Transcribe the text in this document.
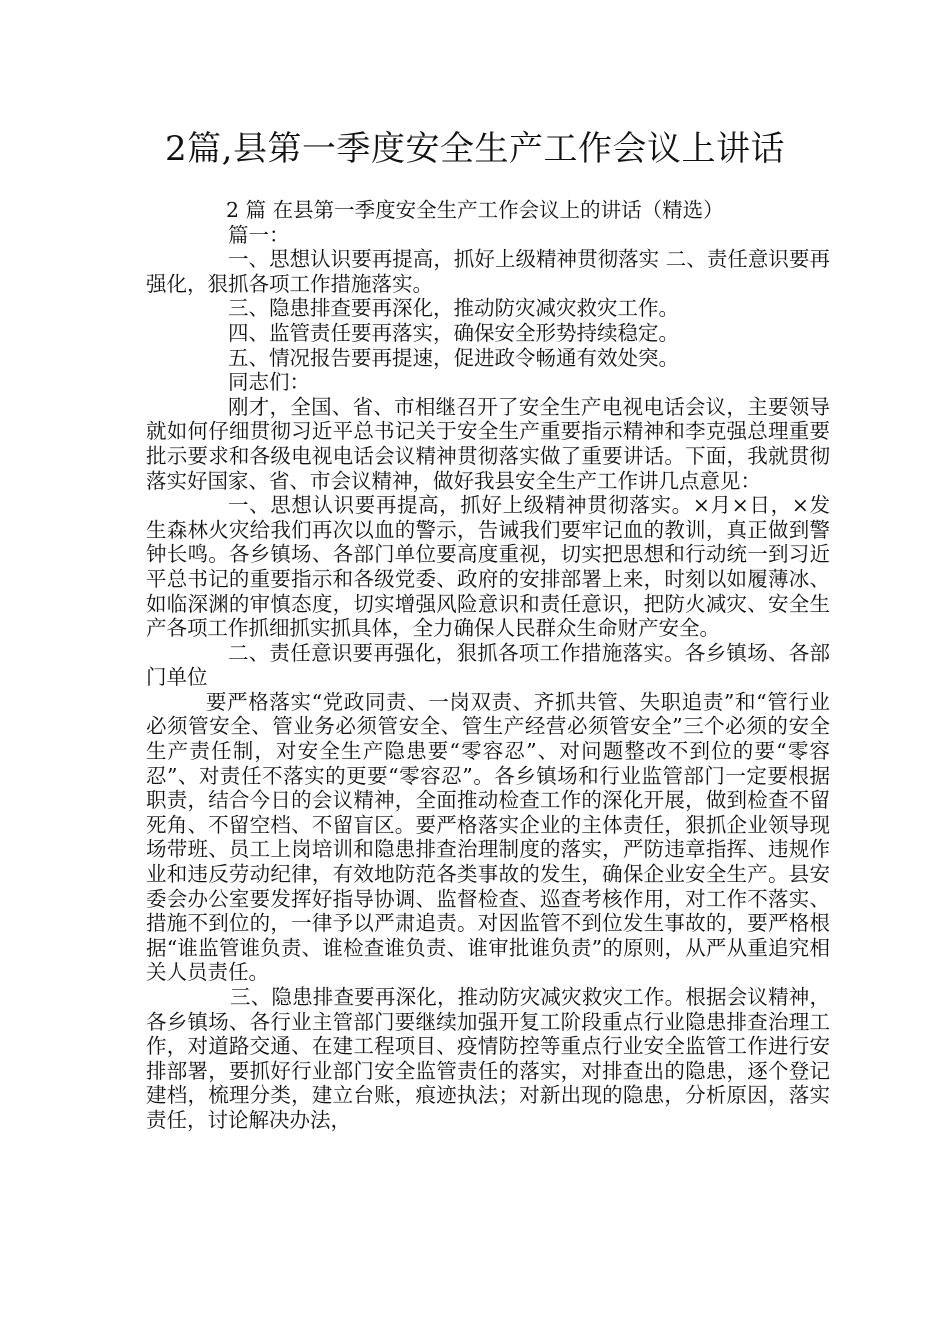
2篇,县第一季度安全生产工作会议上讲话

2 篇 在县第一季度安全生产工作会议上的讲话（精选）

篇一：

一、思想认识要再提高，抓好上级精神贯彻落实 二、责任意识要再强化，狠抓各项工作措施落实。

三、隐患排查要再深化，推动防灾减灾救灾工作。

四、监管责任要再落实，确保安全形势持续稳定。

五、情况报告要再提速，促进政令畅通有效处突。

同志们：

刚才，全国、省、市相继召开了安全生产电视电话会议，主要领导就如何仔细贯彻习近平总书记关于安全生产重要指示精神和李克强总理重要批示要求和各级电视电话会议精神贯彻落实做了重要讲话。下面，我就贯彻落实好国家、省、市会议精神，做好我县安全生产工作讲几点意见：

一、思想认识要再提高，抓好上级精神贯彻落实。×月×日，×发生森林火灾给我们再次以血的警示，告诫我们要牢记血的教训，真正做到警钟长鸣。各乡镇场、各部门单位要高度重视，切实把思想和行动统一到习近平总书记的重要指示和各级党委、政府的安排部署上来，时刻以如履薄冰、如临深渊的审慎态度，切实增强风险意识和责任意识，把防火减灾、安全生产各项工作抓细抓实抓具体，全力确保人民群众生命财产安全。

二、责任意识要再强化，狠抓各项工作措施落实。各乡镇场、各部门单位

要严格落实“党政同责、一岗双责、齐抓共管、失职追责”和“管行业必须管安全、管业务必须管安全、管生产经营必须管安全”三个必须的安全生产责任制，对安全生产隐患要“零容忍”、对问题整改不到位的要“零容忍”、对责任不落实的更要“零容忍”。各乡镇场和行业监管部门一定要根据职责，结合今日的会议精神，全面推动检查工作的深化开展，做到检查不留死角、不留空档、不留盲区。要严格落实企业的主体责任，狠抓企业领导现场带班、员工上岗培训和隐患排查治理制度的落实，严防违章指挥、违规作业和违反劳动纪律，有效地防范各类事故的发生，确保企业安全生产。县安委会办公室要发挥好指导协调、监督检查、巡查考核作用，对工作不落实、措施不到位的，一律予以严肃追责。对因监管不到位发生事故的，要严格根据“谁监管谁负责、谁检查谁负责、谁审批谁负责”的原则，从严从重追究相关人员责任。

三、隐患排查要再深化，推动防灾减灾救灾工作。根据会议精神，各乡镇场、各行业主管部门要继续加强开复工阶段重点行业隐患排查治理工作，对道路交通、在建工程项目、疫情防控等重点行业安全监管工作进行安排部署，要抓好行业部门安全监管责任的落实，对排查出的隐患，逐个登记建档，梳理分类，建立台账，痕迹执法；对新出现的隐患，分析原因，落实责任，讨论解决办法，
